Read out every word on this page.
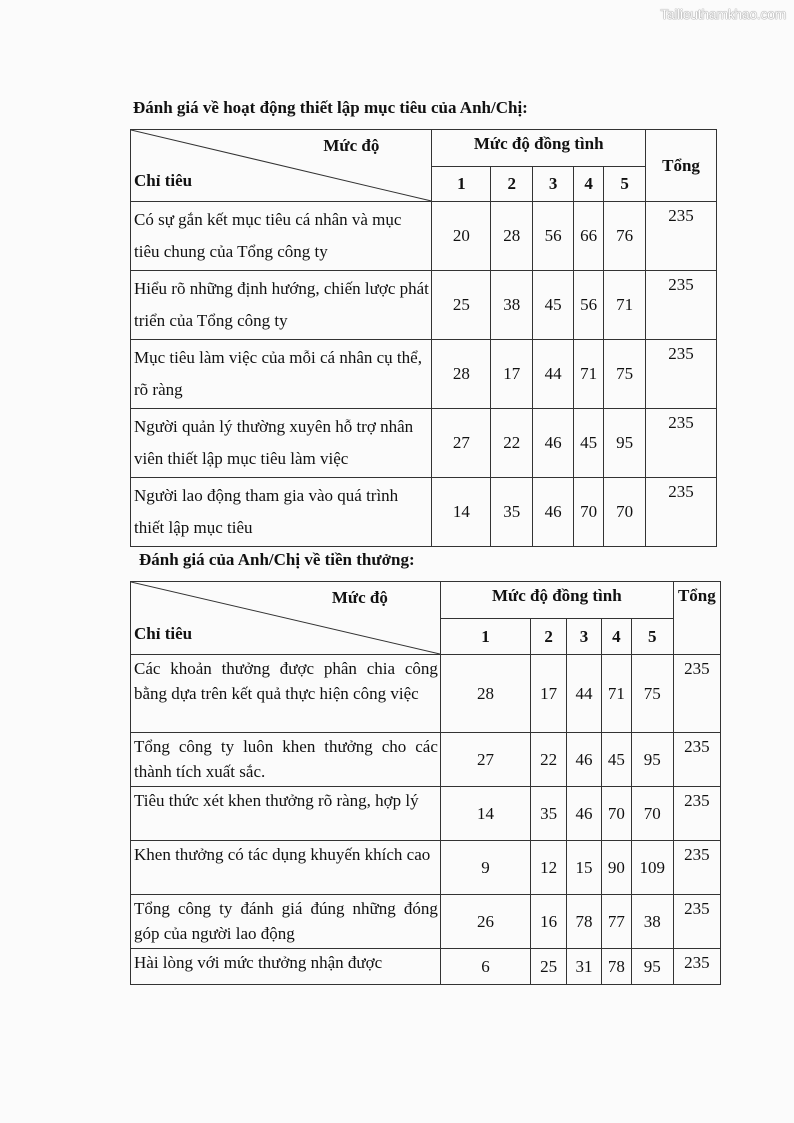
Tailieuthamkhao.com
Đánh giá về hoạt động thiết lập mục tiêu của Anh/Chị:
Mức độ
Chỉ tiêu	Mức độ đồng tình					Tổng
	1	2	3	4	5	
Có sự gắn kết mục tiêu cá nhân và mục tiêu chung của Tổng công ty	20	28	56	66	76	235
Hiểu rõ những định hướng, chiến lược phát triển của Tổng công ty	25	38	45	56	71	235
Mục tiêu làm việc của mỗi cá nhân cụ thể, rõ ràng	28	17	44	71	75	235
Người quản lý thường xuyên hỗ trợ nhân viên thiết lập mục tiêu làm việc	27	22	46	45	95	235
Người lao động tham gia vào quá trình thiết lập mục tiêu	14	35	46	70	70	235
Đánh giá của Anh/Chị về tiền thưởng:
Mức độ
Chỉ tiêu	Mức độ đồng tình					Tổng
	1	2	3	4	5	
Các khoản thưởng được phân chia công bằng dựa trên kết quả thực hiện công việc	28	17	44	71	75	235
Tổng công ty luôn khen thưởng cho các thành tích xuất sắc.	27	22	46	45	95	235
Tiêu thức xét khen thưởng rõ ràng, hợp lý	14	35	46	70	70	235
Khen thưởng có tác dụng khuyến khích cao	9	12	15	90	109	235
Tổng công ty đánh giá đúng những đóng góp của người lao động	26	16	78	77	38	235
Hài lòng với mức thưởng nhận được	6	25	31	78	95	235
